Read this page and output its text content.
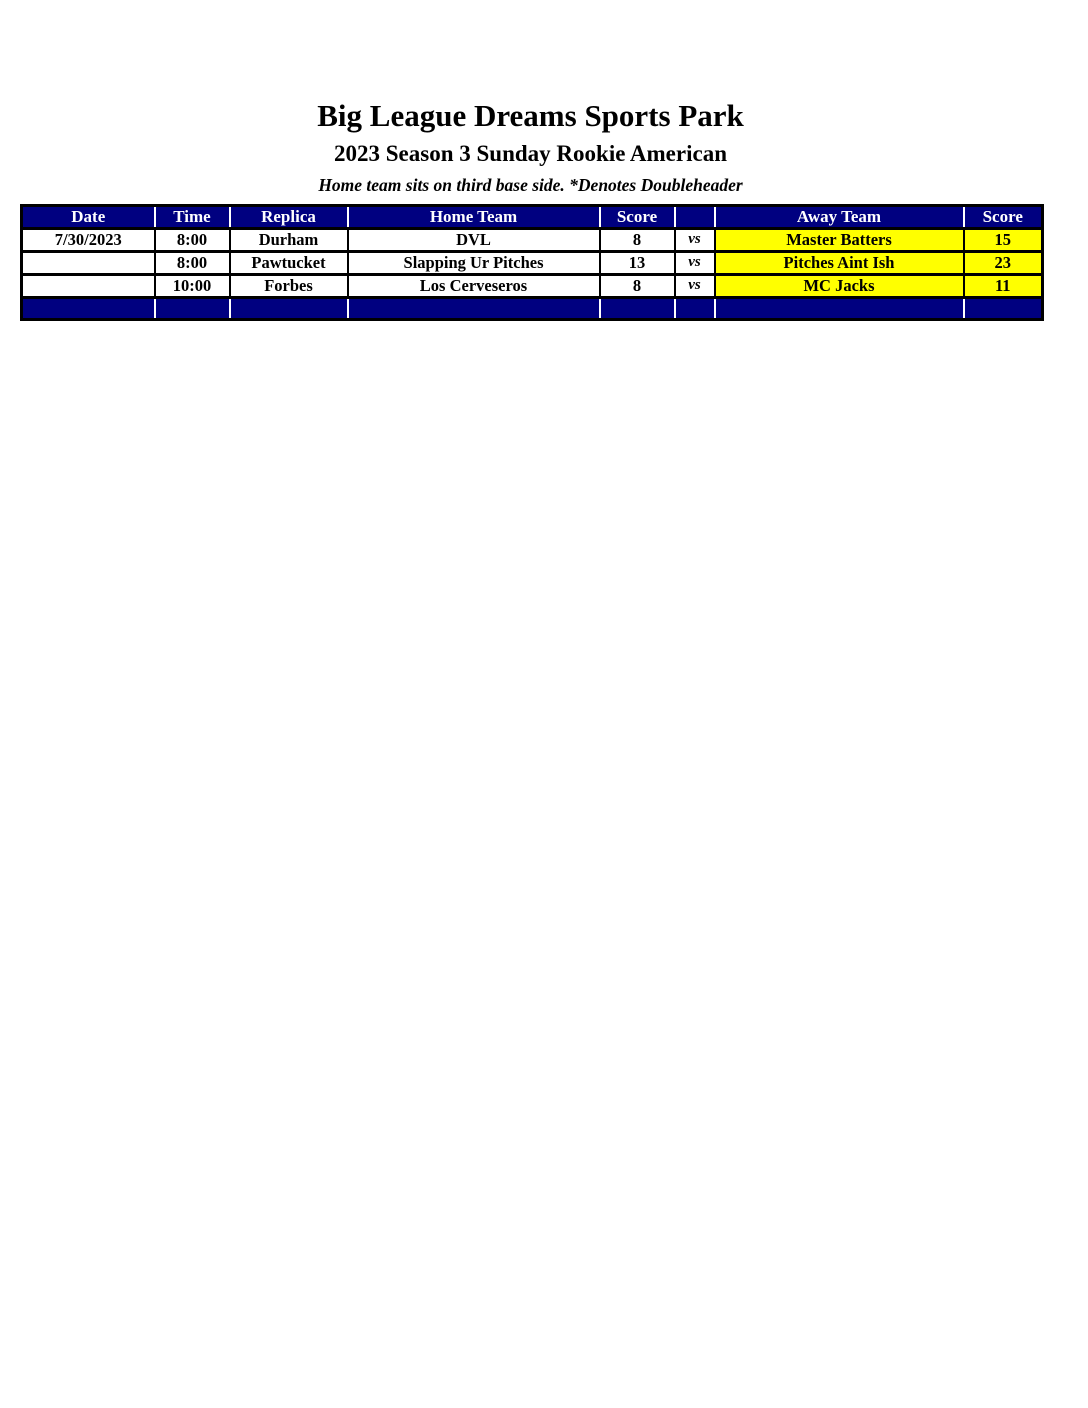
Big League Dreams Sports Park
2023 Season 3 Sunday Rookie American
Home team sits on third base side. *Denotes Doubleheader
Date	Time	Replica	Home Team	Score		Away Team	Score
7/30/2023	8:00	Durham	DVL	8	vs	Master Batters	15
	8:00	Pawtucket	Slapping Ur Pitches	13	vs	Pitches Aint Ish	23
	10:00	Forbes	Los Cerveseros	8	vs	MC Jacks	11
